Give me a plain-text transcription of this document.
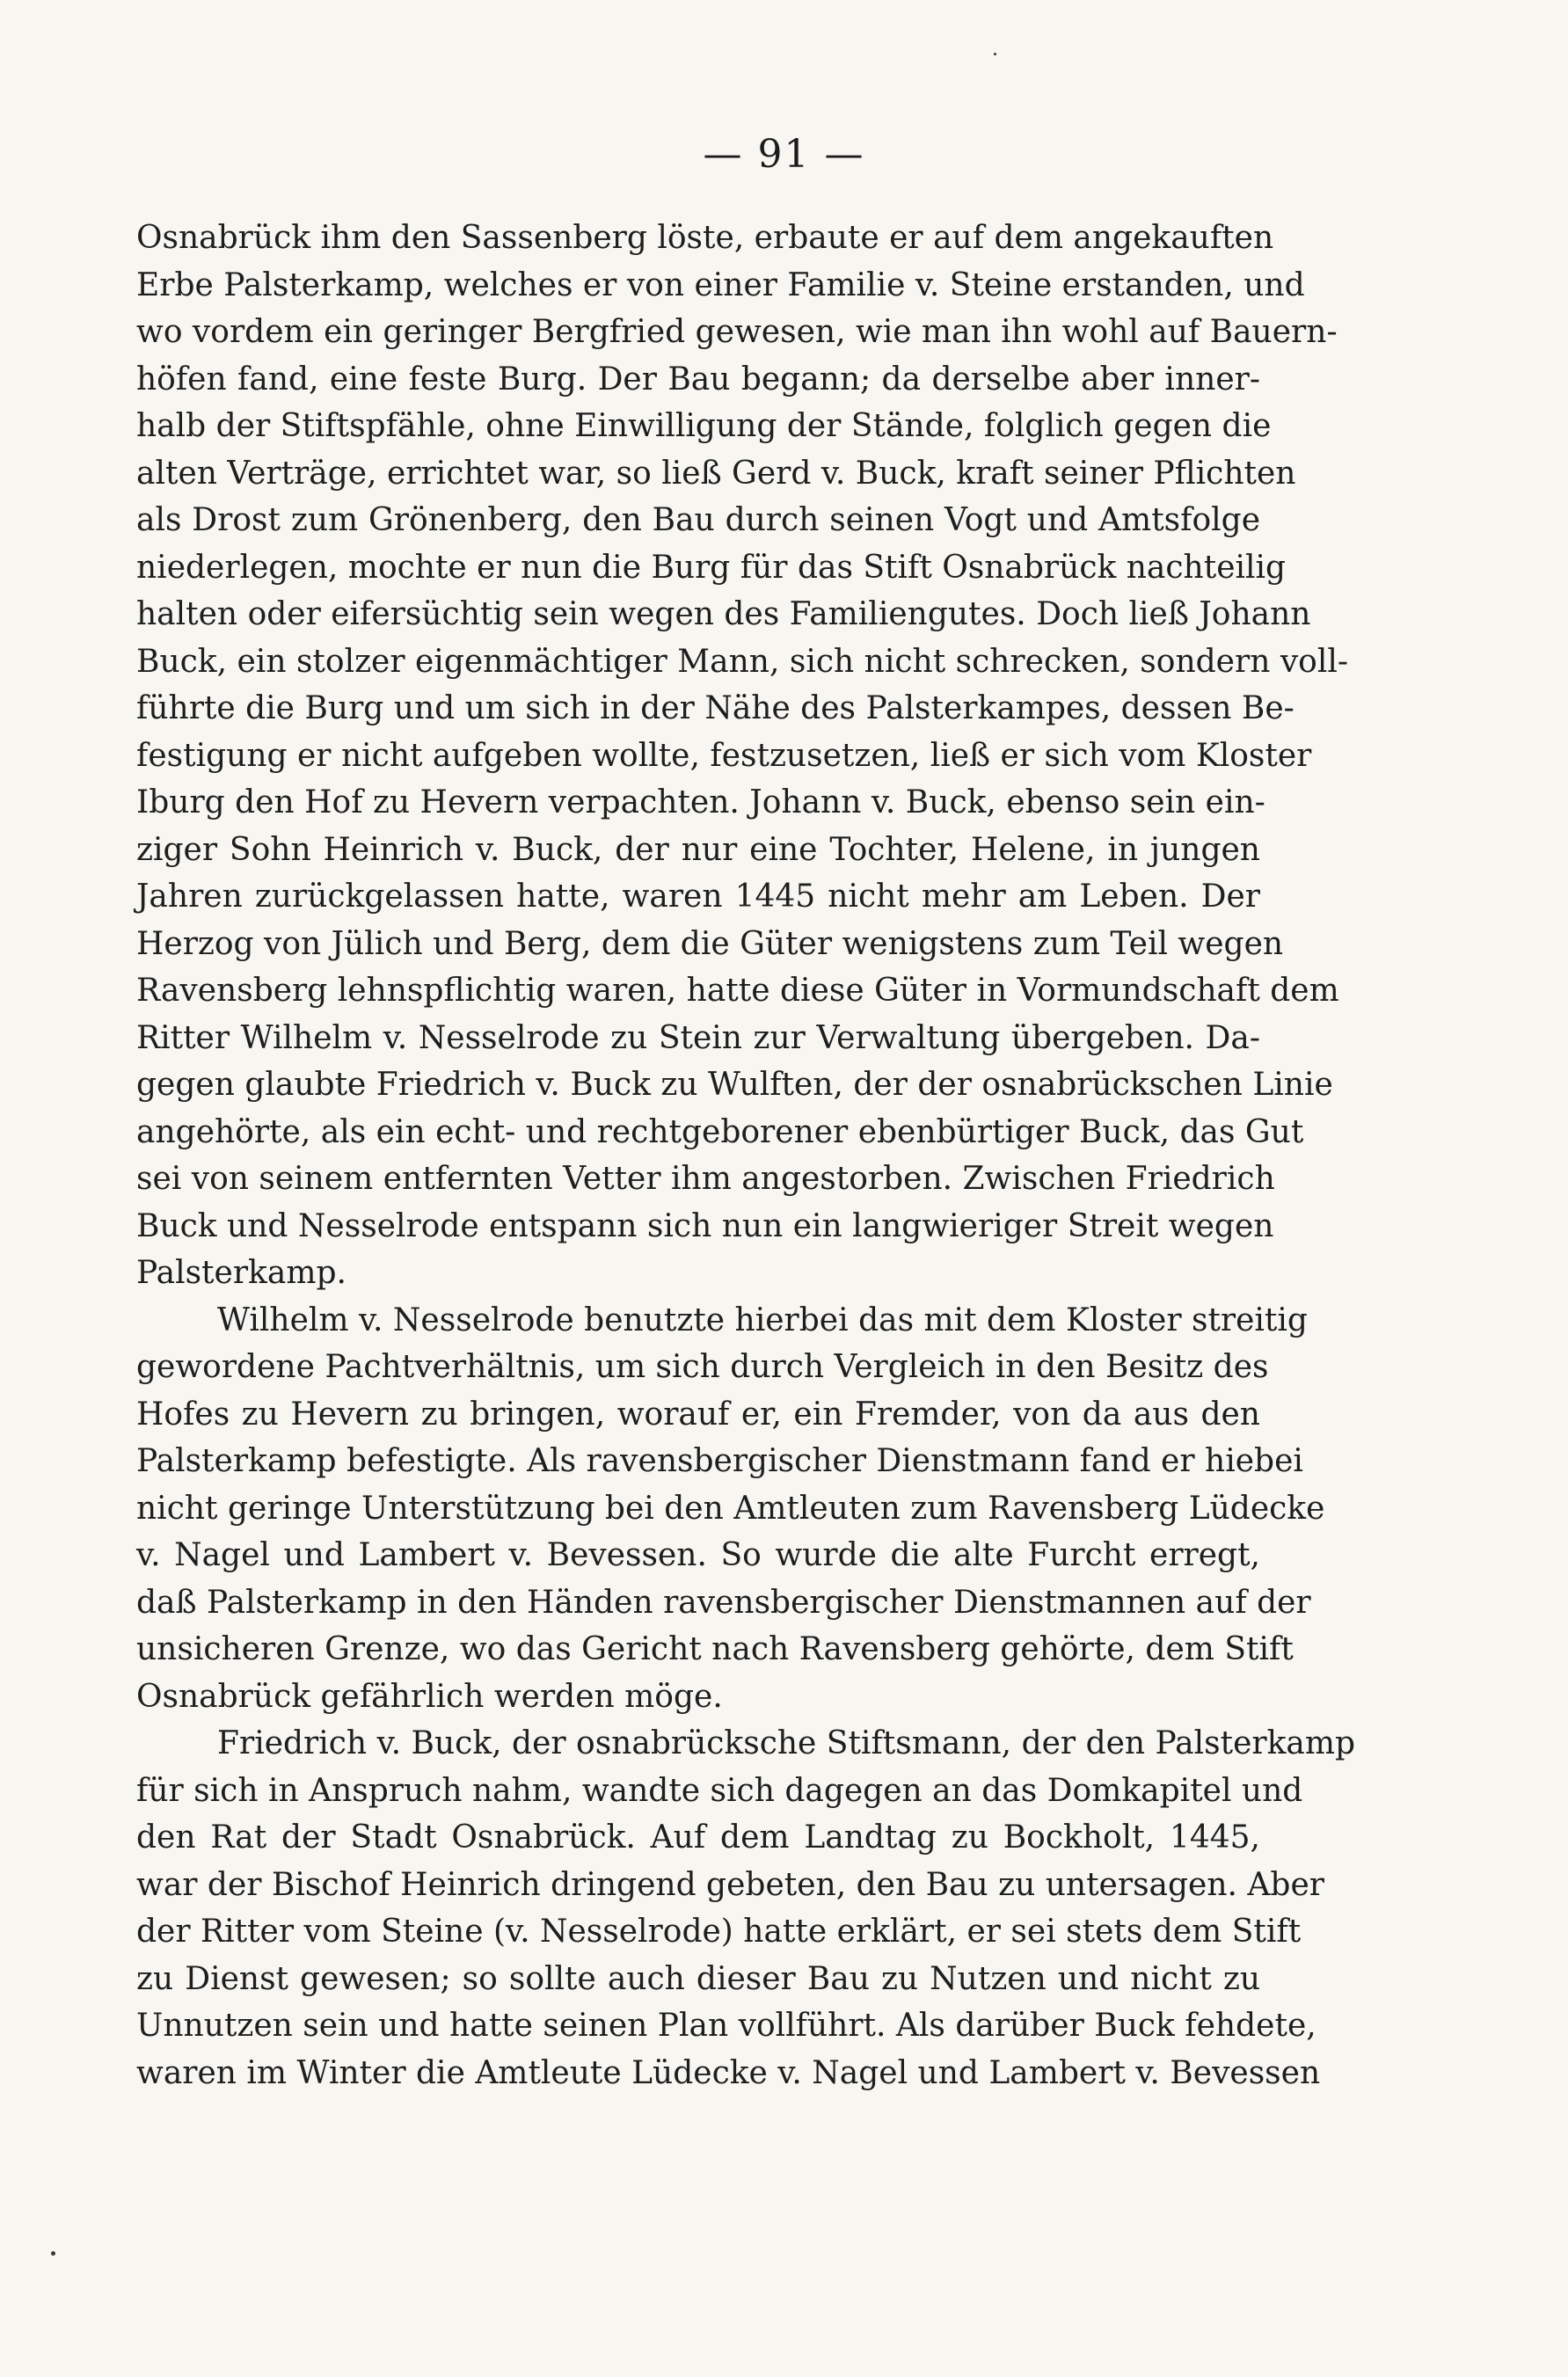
— 91 —
Osnabrück ihm den Sassenberg löste, erbaute er auf dem angekauften
Erbe Palsterkamp, welches er von einer Familie v. Steine erstanden, und
wo vordem ein geringer Bergfried gewesen, wie man ihn wohl auf Bauern-
höfen fand, eine feste Burg. Der Bau begann; da derselbe aber inner-
halb der Stiftspfähle, ohne Einwilligung der Stände, folglich gegen die
alten Verträge, errichtet war, so ließ Gerd v. Buck, kraft seiner Pflichten
als Drost zum Grönenberg, den Bau durch seinen Vogt und Amtsfolge
niederlegen, mochte er nun die Burg für das Stift Osnabrück nachteilig
halten oder eifersüchtig sein wegen des Familiengutes. Doch ließ Johann
Buck, ein stolzer eigenmächtiger Mann, sich nicht schrecken, sondern voll-
führte die Burg und um sich in der Nähe des Palsterkampes, dessen Be-
festigung er nicht aufgeben wollte, festzusetzen, ließ er sich vom Kloster
Iburg den Hof zu Hevern verpachten. Johann v. Buck, ebenso sein ein-
ziger Sohn Heinrich v. Buck, der nur eine Tochter, Helene, in jungen
Jahren zurückgelassen hatte, waren 1445 nicht mehr am Leben. Der
Herzog von Jülich und Berg, dem die Güter wenigstens zum Teil wegen
Ravensberg lehnspflichtig waren, hatte diese Güter in Vormundschaft dem
Ritter Wilhelm v. Nesselrode zu Stein zur Verwaltung übergeben. Da-
gegen glaubte Friedrich v. Buck zu Wulften, der der osnabrückschen Linie
angehörte, als ein echt- und rechtgeborener ebenbürtiger Buck, das Gut
sei von seinem entfernten Vetter ihm angestorben. Zwischen Friedrich
Buck und Nesselrode entspann sich nun ein langwieriger Streit wegen
Palsterkamp.
Wilhelm v. Nesselrode benutzte hierbei das mit dem Kloster streitig
gewordene Pachtverhältnis, um sich durch Vergleich in den Besitz des
Hofes zu Hevern zu bringen, worauf er, ein Fremder, von da aus den
Palsterkamp befestigte. Als ravensbergischer Dienstmann fand er hiebei
nicht geringe Unterstützung bei den Amtleuten zum Ravensberg Lüdecke
v. Nagel und Lambert v. Bevessen. So wurde die alte Furcht erregt,
daß Palsterkamp in den Händen ravensbergischer Dienstmannen auf der
unsicheren Grenze, wo das Gericht nach Ravensberg gehörte, dem Stift
Osnabrück gefährlich werden möge.
Friedrich v. Buck, der osnabrücksche Stiftsmann, der den Palsterkamp
für sich in Anspruch nahm, wandte sich dagegen an das Domkapitel und
den Rat der Stadt Osnabrück. Auf dem Landtag zu Bockholt, 1445,
war der Bischof Heinrich dringend gebeten, den Bau zu untersagen. Aber
der Ritter vom Steine (v. Nesselrode) hatte erklärt, er sei stets dem Stift
zu Dienst gewesen; so sollte auch dieser Bau zu Nutzen und nicht zu
Unnutzen sein und hatte seinen Plan vollführt. Als darüber Buck fehdete,
waren im Winter die Amtleute Lüdecke v. Nagel und Lambert v. Bevessen
